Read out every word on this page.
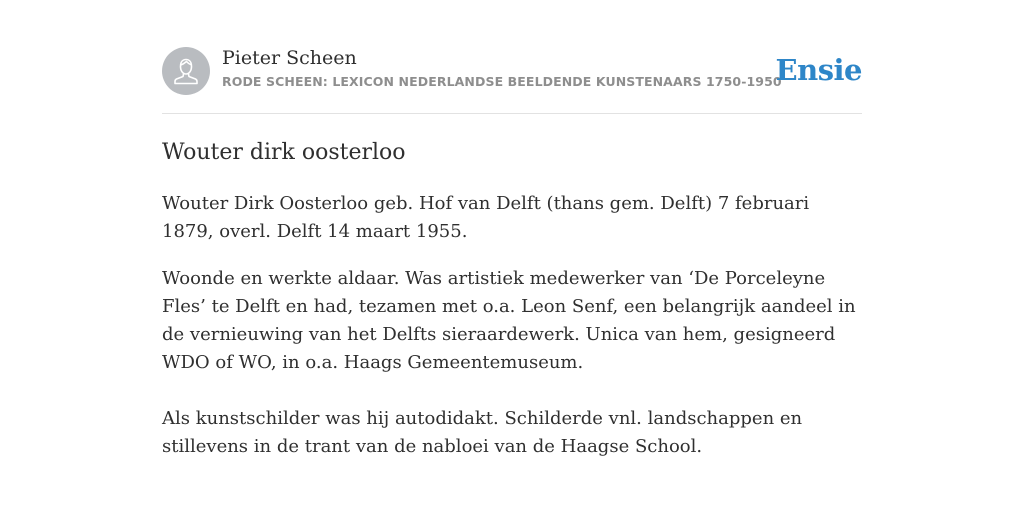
Pieter Scheen
RODE SCHEEN: LEXICON NEDERLANDSE BEELDENDE KUNSTENAARS 1750-1950
Ensie
Wouter dirk oosterloo

Wouter Dirk Oosterloo geb. Hof van Delft (thans gem. Delft) 7 februari 1879, overl. Delft 14 maart 1955.

Woonde en werkte aldaar. Was artistiek medewerker van ‘De Porceleyne Fles’ te Delft en had, tezamen met o.a. Leon Senf, een belangrijk aandeel in de vernieuwing van het Delfts sieraardewerk. Unica van hem, gesigneerd WDO of WO, in o.a. Haags Gemeentemuseum.

Als kunstschilder was hij autodidakt. Schilderde vnl. landschappen en stillevens in de trant van de nabloei van de Haagse School.
